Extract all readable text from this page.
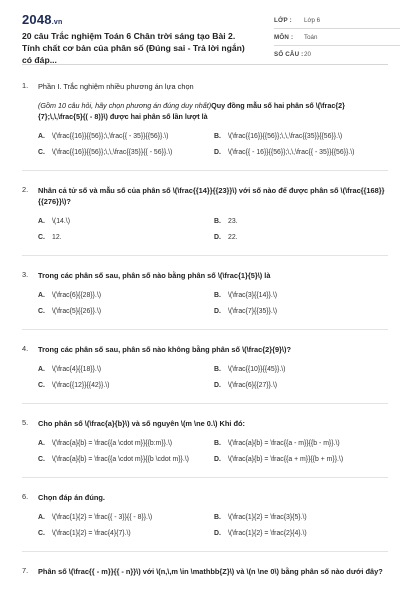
2048.vn
20 câu Trắc nghiệm Toán 6 Chân trời sáng tạo Bài 2. Tính chất cơ bản của phân số (Đúng sai - Trả lời ngắn) có đáp...
LỚP :	Lớp 6
MÔN :	Toán
SỐ CÂU : 20
1. Phần I. Trắc nghiệm nhiều phương án lựa chọn
(Gồm 10 câu hỏi, hãy chọn phương án đúng duy nhất)Quy đồng mẫu số hai phân số \(\frac{2}{7};\,\,\frac{5}{( - 8)}\) được hai phân số lần lượt là
A.	\(\frac{{16}}{{56}};\,\frac{{ - 35}}{{56}}.\)	B.	\(\frac{{16}}{{56}};\,\,\frac{{35}}{{56}}.\)
C.	\(\frac{{16}}{{56}};\,\,\frac{{35}}{{ - 56}}.\)	D.	\(\frac{{ - 16}}{{56}};\,\,\frac{{ - 35}}{{56}}.\)
2. Nhân cả tử số và mẫu số của phân số \(\frac{{14}}{{23}}\) với số nào để được phân số \(\frac{{168}}{{276}}\)?
A.	\(14.\)	B.	23.
C.	12.	D.	22.
3. Trong các phân số sau, phân số nào bằng phân số \(\frac{1}{5}\) là
A.	\(\frac{6}{{28}}.\)	B.	\(\frac{3}{{14}}.\)
C.	\(\frac{5}{{26}}.\)	D.	\(\frac{7}{{35}}.\)
4. Trong các phân số sau, phân số nào không bằng phân số \(\frac{2}{9}\)?
A.	\(\frac{4}{{18}}.\)	B.	\(\frac{{10}}{{45}}.\)
C.	\(\frac{{12}}{{42}}.\)	D.	\(\frac{6}{{27}}.\)
5. Cho phân số \(\frac{a}{b}\) và số nguyên \(m \ne 0.\) Khi đó:
A.	\(\frac{a}{b} = \frac{{a \cdot m}}{{b:m}}.\)	B.	\(\frac{a}{b} = \frac{{a - m}}{{b - m}}.\)
C.	\(\frac{a}{b} = \frac{{a \cdot m}}{{b \cdot m}}.\)	D.	\(\frac{a}{b} = \frac{{a + m}}{{b + m}}.\)
6. Chọn đáp án đúng.
A.	\(\frac{1}{2} = \frac{{ - 3}}{{ - 8}}.\)	B.	\(\frac{1}{2} = \frac{3}{5}.\)
C.	\(\frac{1}{2} = \frac{4}{7}.\)	D.	\(\frac{1}{2} = \frac{2}{4}.\)
7. Phân số \(\frac{{ - m}}{{ - n}}\) với \(n,\,m \in \mathbb{Z}\) và \(n \ne 0\) bằng phân số nào dưới đây?
